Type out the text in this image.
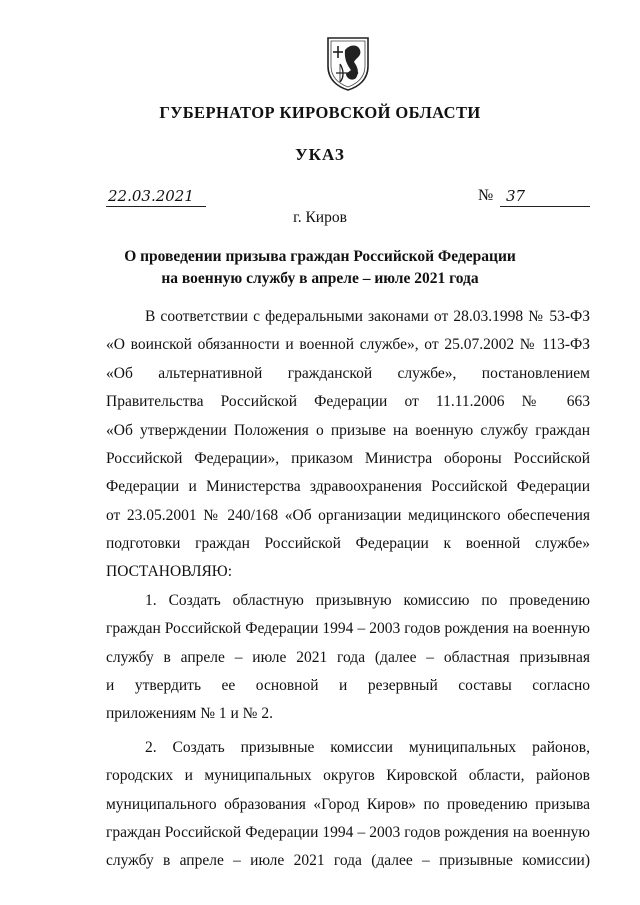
ГУБЕРНАТОР КИРОВСКОЙ ОБЛАСТИ
УКАЗ
22.03.2021	№ 37
г. Киров
О проведении призыва граждан Российской Федерации
на военную службу в апреле – июле 2021 года
В соответствии с федеральными законами от 28.03.1998 № 53-ФЗ
«О воинской обязанности и военной службе», от 25.07.2002 № 113-ФЗ
«Об альтернативной гражданской службе», постановлением
Правительства Российской Федерации от 11.11.2006 № 663
«Об утверждении Положения о призыве на военную службу граждан
Российской Федерации», приказом Министра обороны Российской
Федерации и Министерства здравоохранения Российской Федерации
от 23.05.2001 № 240/168 «Об организации медицинского обеспечения
подготовки граждан Российской Федерации к военной службе»
ПОСТАНОВЛЯЮ:
1. Создать областную призывную комиссию по проведению
граждан Российской Федерации 1994 – 2003 годов рождения на военную
службу в апреле – июле 2021 года (далее – областная призывная
и утвердить ее основной и резервный составы согласно
приложениям № 1 и № 2.
2. Создать призывные комиссии муниципальных районов,
городских и муниципальных округов Кировской области, районов
муниципального образования «Город Киров» по проведению призыва
граждан Российской Федерации 1994 – 2003 годов рождения на военную
службу в апреле – июле 2021 года (далее – призывные комиссии)
